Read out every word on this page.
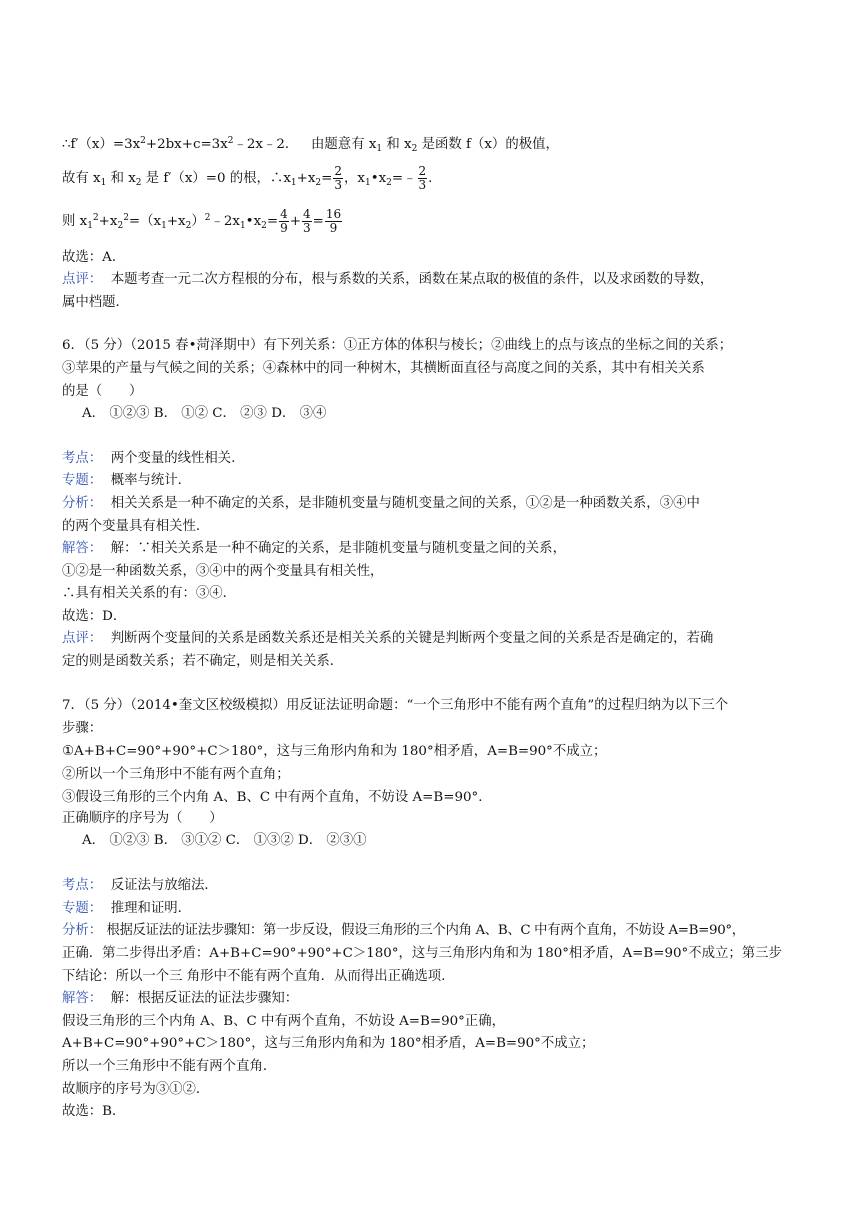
$\therefore f'(x)=3x^2+2bx+c=3x^2﹣2x﹣2$． 由题意有 $x_1$ 和 $x_2$ 是函数 f（x）的极值，
故有 $x_1$ 和 $x_2$ 是 f′（x）=0 的根，$\therefore x_1+x_2= \frac{2}{3}$ ，$x_1•x_2=﹣ \frac{2}{3}$ .
则 $x_1^2+x_2^2=(x_1+x_2)^2﹣2x_1•x_2= \frac{4}{9} + \frac{4}{3} = \frac{16}{9}$
故选：A．
点评： 本题考查一元二次方程根的分布，根与系数的关系，函数在某点取的极值的条件，以及求函数的导数，
属中档题．
6．（5 分）（2015 春•菏泽期中）有下列关系：①正方体的体积与棱长；②曲线上的点与该点的坐标之间的关系；
③苹果的产量与气候之间的关系；④森林中的同一种树木，其横断面直径与高度之间的关系，其中有相关关系
的是（　　）
A． ①②③ B． ①② C． ②③ D． ③④
考点： 两个变量的线性相关．
专题： 概率与统计．
分析： 相关关系是一种不确定的关系，是非随机变量与随机变量之间的关系，①②是一种函数关系，③④中
的两个变量具有相关性．
解答： 解：∵相关关系是一种不确定的关系，是非随机变量与随机变量之间的关系，
①②是一种函数关系，③④中的两个变量具有相关性，
∴具有相关关系的有：③④．
故选：D．
点评： 判断两个变量间的关系是函数关系还是相关关系的关键是判断两个变量之间的关系是否是确定的，若确
定的则是函数关系；若不确定，则是相关关系．
7．（5 分）（2014•奎文区校级模拟）用反证法证明命题：“一个三角形中不能有两个直角”的过程归纳为以下三个
步骤：
①A+B+C=90°+90°+C＞180°，这与三角形内角和为 180°相矛盾，A=B=90°不成立；
②所以一个三角形中不能有两个直角；
③假设三角形的三个内角 A、B、C 中有两个直角，不妨设 A=B=90°．
正确顺序的序号为（　　）
A． ①②③ B． ③①② C． ①③② D． ②③①
考点： 反证法与放缩法．
专题： 推理和证明．
分析： 根据反证法的证法步骤知：第一步反设，假设三角形的三个内角 A、B、C 中有两个直角，不妨设 A=B=90°，
正确．第二步得出矛盾：A+B+C=90°+90°+C＞180°，这与三角形内角和为 180°相矛盾，A=B=90°不成立；第三步
下结论：所以一个三 角形中不能有两个直角．从而得出正确选项．
解答： 解：根据反证法的证法步骤知：
假设三角形的三个内角 A、B、C 中有两个直角，不妨设 A=B=90°正确，
A+B+C=90°+90°+C＞180°，这与三角形内角和为 180°相矛盾，A=B=90°不成立；
所以一个三角形中不能有两个直角．
故顺序的序号为③①②．
故选：B．
